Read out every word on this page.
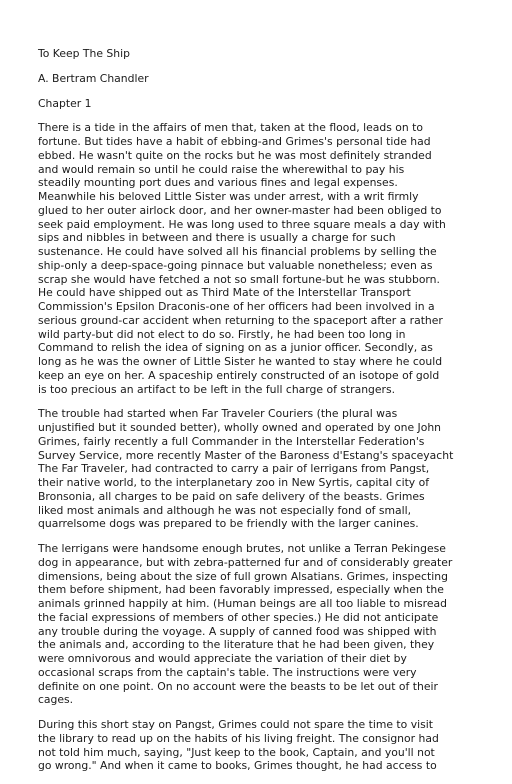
To Keep The Ship
A. Bertram Chandler
Chapter 1
There is a tide in the affairs of men that, taken at the flood, leads on to
fortune. But tides have a habit of ebbing-and Grimes's personal tide had
ebbed. He wasn't quite on the rocks but he was most definitely stranded
and would remain so until he could raise the wherewithal to pay his
steadily mounting port dues and various fines and legal expenses.
Meanwhile his beloved Little Sister was under arrest, with a writ firmly
glued to her outer airlock door, and her owner-master had been obliged to
seek paid employment. He was long used to three square meals a day with
sips and nibbles in between and there is usually a charge for such
sustenance. He could have solved all his financial problems by selling the
ship-only a deep-space-going pinnace but valuable nonetheless; even as
scrap she would have fetched a not so small fortune-but he was stubborn.
He could have shipped out as Third Mate of the Interstellar Transport
Commission's Epsilon Draconis-one of her officers had been involved in a
serious ground-car accident when returning to the spaceport after a rather
wild party-but did not elect to do so. Firstly, he had been too long in
Command to relish the idea of signing on as a junior officer. Secondly, as
long as he was the owner of Little Sister he wanted to stay where he could
keep an eye on her. A spaceship entirely constructed of an isotope of gold
is too precious an artifact to be left in the full charge of strangers.
The trouble had started when Far Traveler Couriers (the plural was
unjustified but it sounded better), wholly owned and operated by one John
Grimes, fairly recently a full Commander in the Interstellar Federation's
Survey Service, more recently Master of the Baroness d'Estang's spaceyacht
The Far Traveler, had contracted to carry a pair of lerrigans from Pangst,
their native world, to the interplanetary zoo in New Syrtis, capital city of
Bronsonia, all charges to be paid on safe delivery of the beasts. Grimes
liked most animals and although he was not especially fond of small,
quarrelsome dogs was prepared to be friendly with the larger canines.
The lerrigans were handsome enough brutes, not unlike a Terran Pekingese
dog in appearance, but with zebra-patterned fur and of considerably greater
dimensions, being about the size of full grown Alsatians. Grimes, inspecting
them before shipment, had been favorably impressed, especially when the
animals grinned happily at him. (Human beings are all too liable to misread
the facial expressions of members of other species.) He did not anticipate
any trouble during the voyage. A supply of canned food was shipped with
the animals and, according to the literature that he had been given, they
were omnivorous and would appreciate the variation of their diet by
occasional scraps from the captain's table. The instructions were very
definite on one point. On no account were the beasts to be let out of their
cages.
During this short stay on Pangst, Grimes could not spare the time to visit
the library to read up on the habits of his living freight. The consignor had
not told him much, saying, "Just keep to the book, Captain, and you'll not
go wrong." And when it came to books, Grimes thought, he had access to
